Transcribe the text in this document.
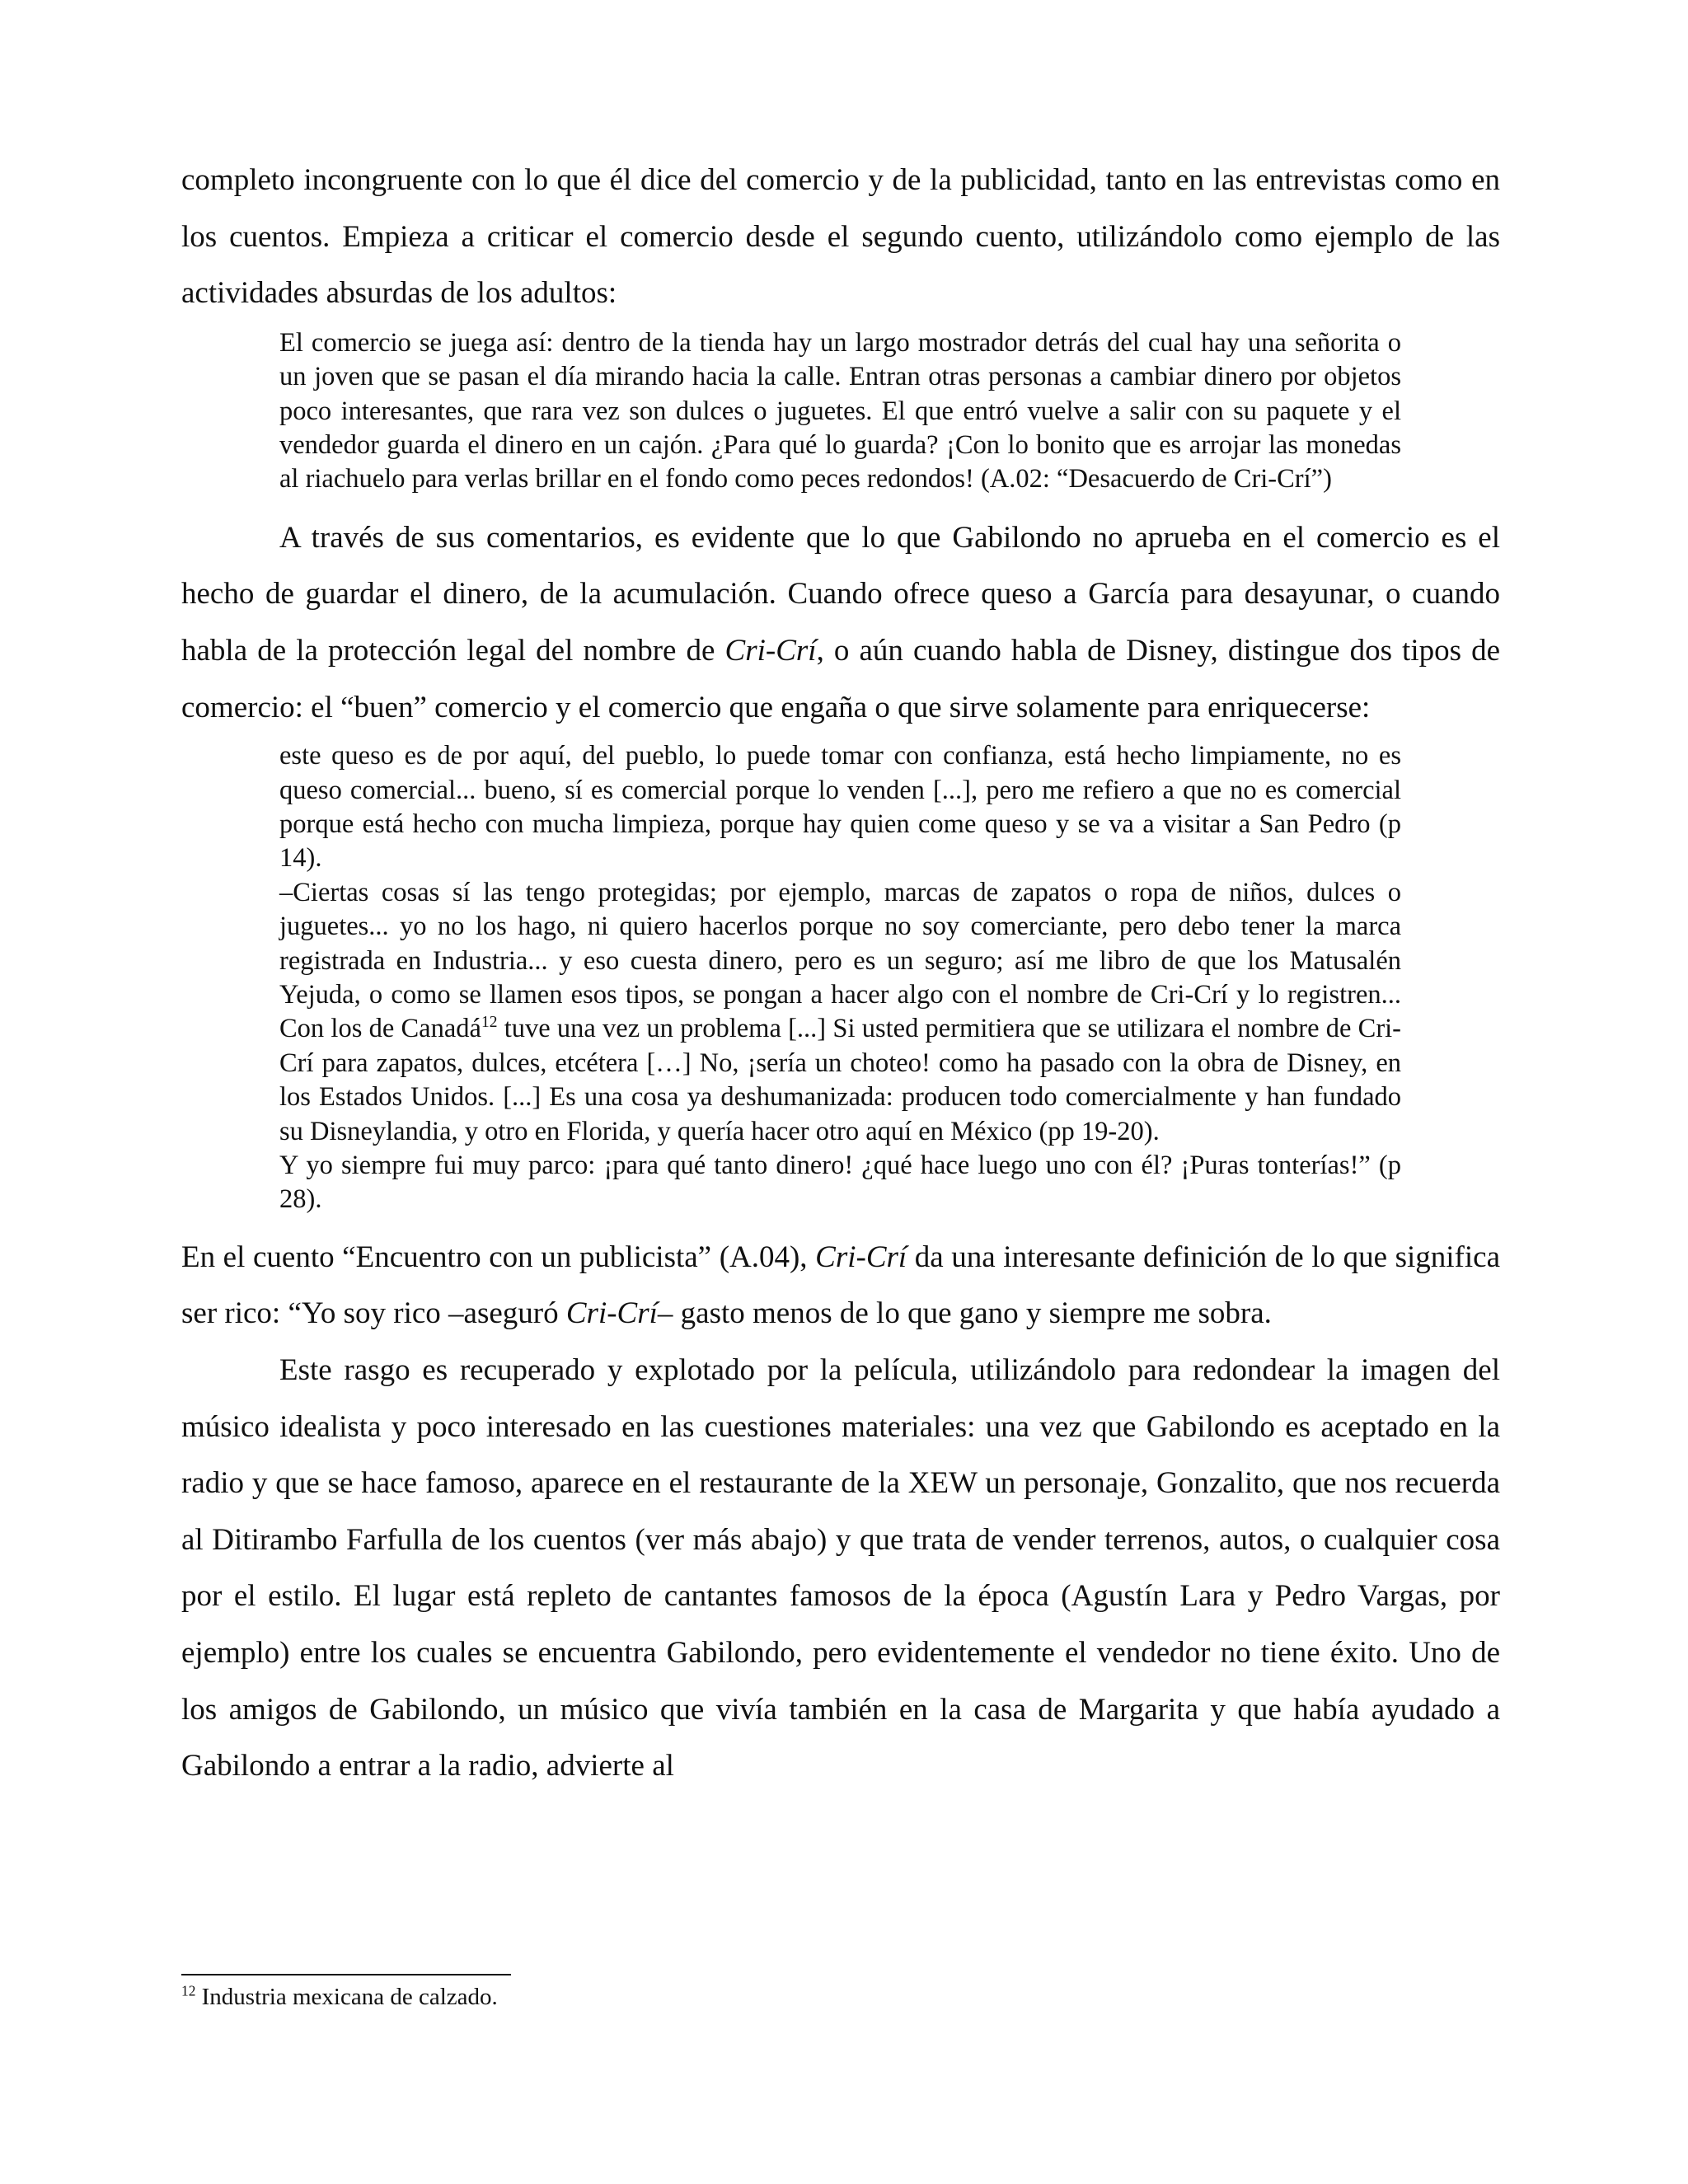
completo incongruente con lo que él dice del comercio y de la publicidad, tanto en las entrevistas como en los cuentos. Empieza a criticar el comercio desde el segundo cuento, utilizándolo como ejemplo de las actividades absurdas de los adultos:

El comercio se juega así: dentro de la tienda hay un largo mostrador detrás del cual hay una señorita o un joven que se pasan el día mirando hacia la calle. Entran otras personas a cambiar dinero por objetos poco interesantes, que rara vez son dulces o juguetes. El que entró vuelve a salir con su paquete y el vendedor guarda el dinero en un cajón. ¿Para qué lo guarda? ¡Con lo bonito que es arrojar las monedas al riachuelo para verlas brillar en el fondo como peces redondos! (A.02: “Desacuerdo de Cri-Crí”)

A través de sus comentarios, es evidente que lo que Gabilondo no aprueba en el comercio es el hecho de guardar el dinero, de la acumulación. Cuando ofrece queso a García para desayunar, o cuando habla de la protección legal del nombre de Cri-Crí, o aún cuando habla de Disney, distingue dos tipos de comercio: el “buen” comercio y el comercio que engaña o que sirve solamente para enriquecerse:

este queso es de por aquí, del pueblo, lo puede tomar con confianza, está hecho limpiamente, no es queso comercial... bueno, sí es comercial porque lo venden [...], pero me refiero a que no es comercial porque está hecho con mucha limpieza, porque hay quien come queso y se va a visitar a San Pedro (p 14).

–Ciertas cosas sí las tengo protegidas; por ejemplo, marcas de zapatos o ropa de niños, dulces o juguetes... yo no los hago, ni quiero hacerlos porque no soy comerciante, pero debo tener la marca registrada en Industria... y eso cuesta dinero, pero es un seguro; así me libro de que los Matusalén Yejuda, o como se llamen esos tipos, se pongan a hacer algo con el nombre de Cri-Crí y lo registren... Con los de Canadá$^{12}$ tuve una vez un problema [...] Si usted permitiera que se utilizara el nombre de Cri-Crí para zapatos, dulces, etcétera […] No, ¡sería un choteo! como ha pasado con la obra de Disney, en los Estados Unidos. [...] Es una cosa ya deshumanizada: producen todo comercialmente y han fundado su Disneylandia, y otro en Florida, y quería hacer otro aquí en México (pp 19-20).

Y yo siempre fui muy parco: ¡para qué tanto dinero! ¿qué hace luego uno con él? ¡Puras tonterías!” (p 28).

En el cuento “Encuentro con un publicista” (A.04), Cri-Crí da una interesante definición de lo que significa ser rico: “Yo soy rico –aseguró Cri-Crí– gasto menos de lo que gano y siempre me sobra.

Este rasgo es recuperado y explotado por la película, utilizándolo para redondear la imagen del músico idealista y poco interesado en las cuestiones materiales: una vez que Gabilondo es aceptado en la radio y que se hace famoso, aparece en el restaurante de la XEW un personaje, Gonzalito, que nos recuerda al Ditirambo Farfulla de los cuentos (ver más abajo) y que trata de vender terrenos, autos, o cualquier cosa por el estilo. El lugar está repleto de cantantes famosos de la época (Agustín Lara y Pedro Vargas, por ejemplo) entre los cuales se encuentra Gabilondo, pero evidentemente el vendedor no tiene éxito. Uno de los amigos de Gabilondo, un músico que vivía también en la casa de Margarita y que había ayudado a Gabilondo a entrar a la radio, advierte al

$^{12}$ Industria mexicana de calzado.
